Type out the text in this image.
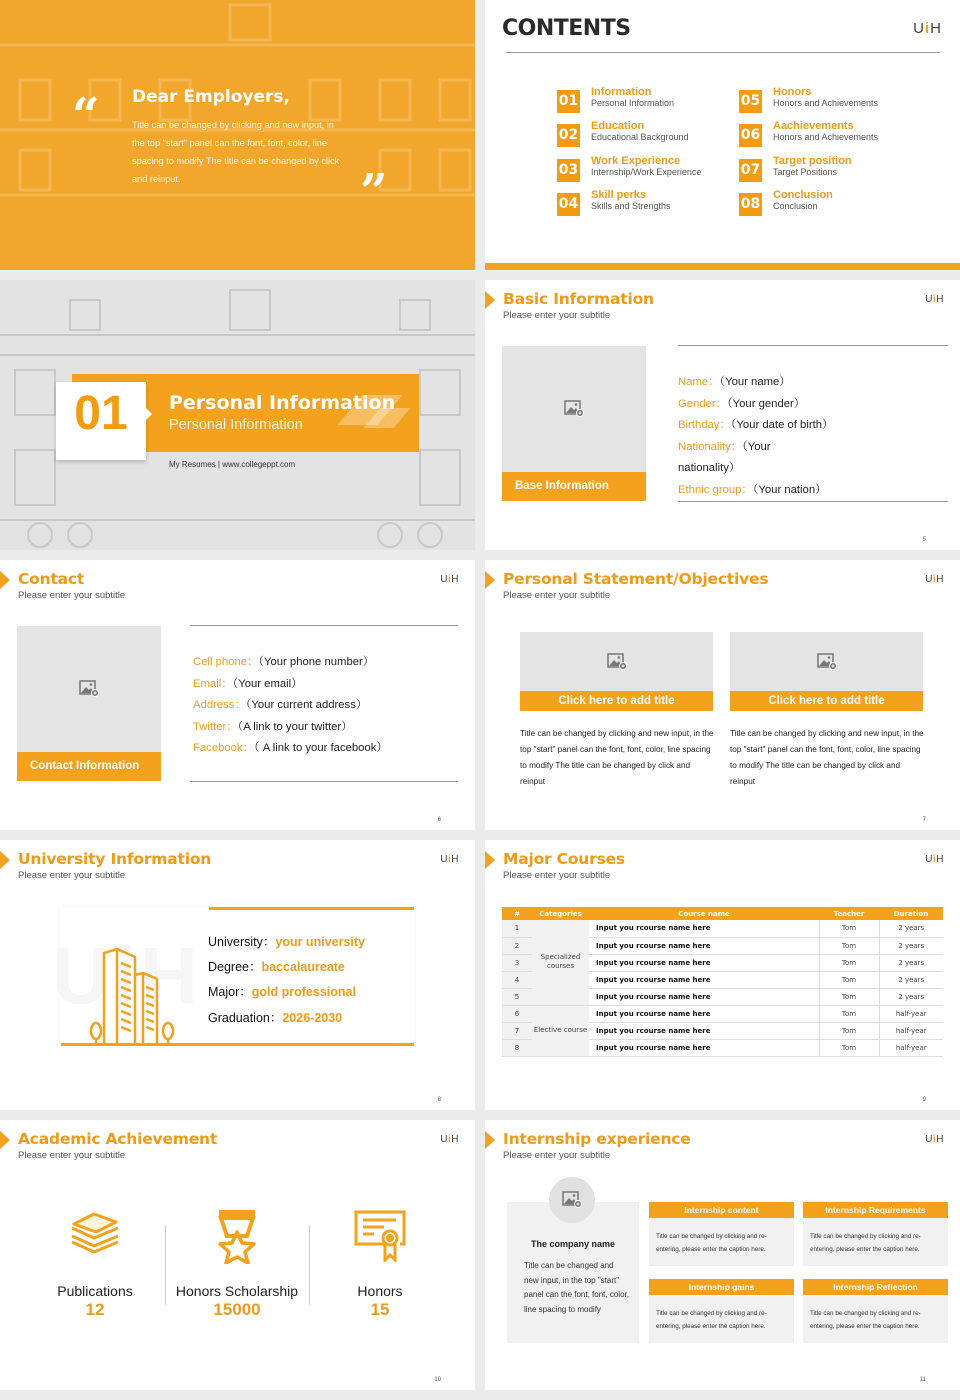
“ Dear Employers,
Title can be changed by clicking and new input, in the top "start" panel can the font, font, color, line spacing to modify The title can be changed by click and reinput.	”
CONTENTS	UiH
01
Information
Personal Information
02
Education
Educational Background
03
Work Experience
Internship/Work Experience
04
Skill perks
Skills and Strengths
05
Honors
Honors and Achievements
06
Aachievements
Honors and Achievements
07
Target position
Target Positions
08
Conclusion
Conclusion
01	Personal Information
Personal Information
My Resumes | www.collegeppt.com
Basic Information
Please enter your subtitle
UiH
Base Information
Name：（Your name）
Gender：（Your gender）
Birthday：（Your date of birth）
Nationality：（Your nationality）
Ethnic group：（Your nation）
5
Contact
Please enter your subtitle
UiH
Contact Information
Cell phone：（Your phone number）
Email：（Your email）
Address：（Your current address）
Twitter：（A link to your twitter）
Facebook：（ A link to your facebook）
6
Personal Statement/Objectives
Please enter your subtitle
UiH
Click here to add title
Title can be changed by clicking and new input, in the top "start" panel can the font, font, color, line spacing to modify The title can be changed by click and reinput
Click here to add title
Title can be changed by clicking and new input, in the top "start" panel can the font, font, color, line spacing to modify The title can be changed by click and reinput
7
University Information
Please enter your subtitle
UiH
UiH University：your university
Degree：baccalaureate
Major：gold professional
Graduation：2026-2030
8
Major Courses
Please enter your subtitle
UiH
#	Categories	Course name	Teacher	Duration
1	Specialized courses	Input you rcourse name here	Tom	2 years
2		Input you rcourse name here	Tom	2 years
3		Input you rcourse name here	Tom	2 years
4		Input you rcourse name here	Tom	2 years
5		Input you rcourse name here	Tom	2 years
6	Elective course	Input you rcourse name here	Tom	half-year
7		Input you rcourse name here	Tom	half-year
8		Input you rcourse name here	Tom	half-year
9
Academic Achievement
Please enter your subtitle
UiH
Publications
12
Honors Scholarship
15000
Honors
15
10
Internship experience
Please enter your subtitle
UiH
The company name
Title can be changed and new input, in the top "start" panel can the font, font, color, line spacing to modify
Internship content
Title can be changed by clicking and re-entering, please enter the caption here.
Internship Requirements
Title can be changed by clicking and re-entering, please enter the caption here.
Internship gains
Title can be changed by clicking and re-entering, please enter the caption here.
Internship Reflection
Title can be changed by clicking and re-entering, please enter the caption here.
11
